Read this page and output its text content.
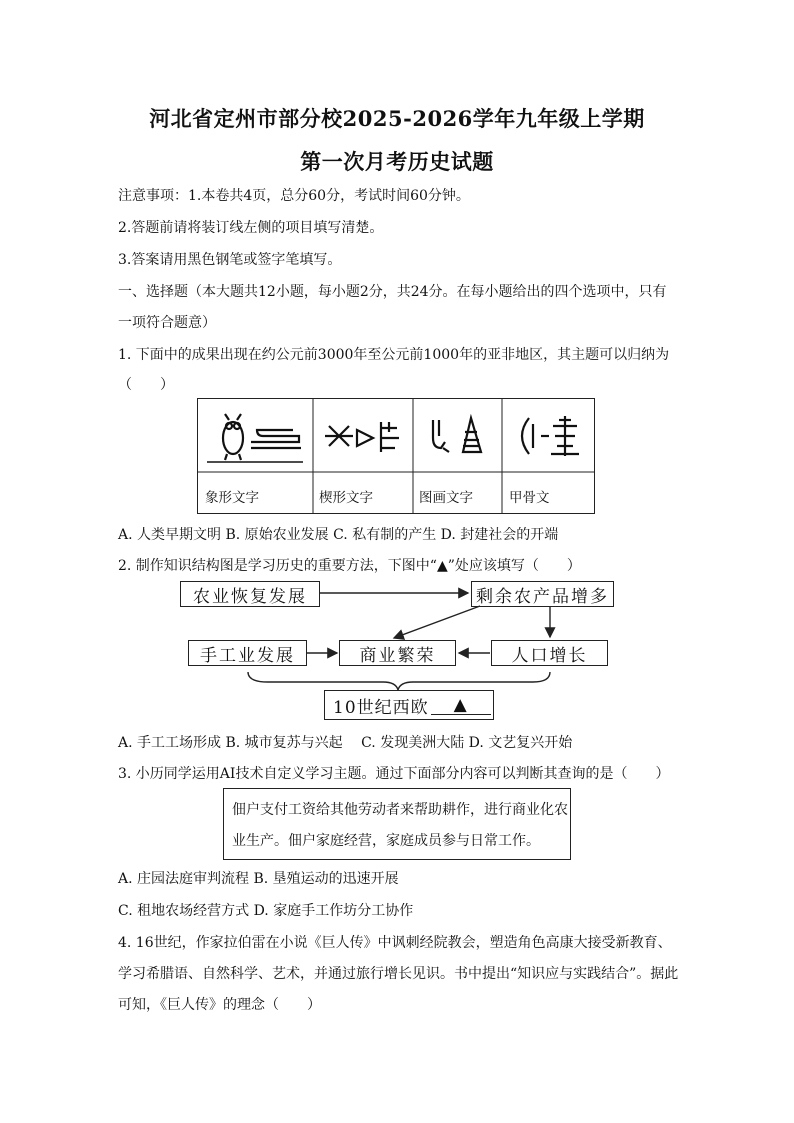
河北省定州市部分校2025-2026学年九年级上学期
第一次月考历史试题
注意事项：1.本卷共4页，总分60分，考试时间60分钟。
2.答题前请将装订线左侧的项目填写清楚。
3.答案请用黑色钢笔或签字笔填写。
一、选择题（本大题共12小题，每小题2分，共24分。在每小题给出的四个选项中，只有
一项符合题意）
1. 下面中的成果出现在约公元前3000年至公元前1000年的亚非地区，其主题可以归纳为
（　　）
象形文字	楔形文字	图画文字	甲骨文
A. 人类早期文明 B. 原始农业发展 C. 私有制的产生 D. 封建社会的开端
2. 制作知识结构图是学习历史的重要方法，下图中“▲”处应该填写（　　）
农业恢复发展	剩余农产品增多
手工业发展	商业繁荣	人口增长
10世纪西欧	▲
A. 手工工场形成 B. 城市复苏与兴起　 C. 发现美洲大陆 D. 文艺复兴开始
3. 小历同学运用AI技术自定义学习主题。通过下面部分内容可以判断其查询的是（　　）
佃户支付工资给其他劳动者来帮助耕作，进行商业化农
业生产。佃户家庭经营，家庭成员参与日常工作。
A. 庄园法庭审判流程 B. 垦殖运动的迅速开展
C. 租地农场经营方式 D. 家庭手工作坊分工协作
4. 16世纪，作家拉伯雷在小说《巨人传》中讽刺经院教会，塑造角色高康大接受新教育、
学习希腊语、自然科学、艺术，并通过旅行增长见识。书中提出“知识应与实践结合”。据此
可知，《巨人传》的理念（　　）
